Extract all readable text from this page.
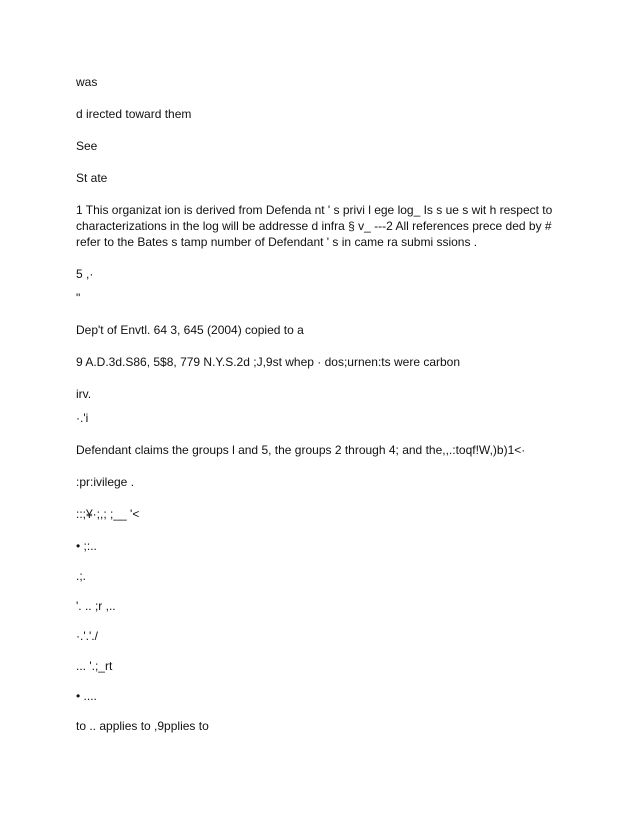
was

d irected toward them

See

St ate

1 This organizat ion is derived from Defenda nt ' s privi l ege log_ Is s ue s wit h respect to characterizations in the log will be addresse d infra § v_ ---2 All references prece ded by # refer to the Bates s tamp number of Defendant ' s in came ra submi ssions .

5 ,·

"

Dep't of Envtl. 64 3, 645 (2004) copied to a

9 A.D.3d.S86, 5$8, 779 N.Y.S.2d ;J,9st whep · dos;urnen:ts were carbon

irv.

·.'i

Defendant claims the groups l and 5, the groups 2 through 4; and the,,.:toqf!W,)b)1<·

:pr:ivilege .

::;¥·;,; ;__ '<

• ;:..

.;.

'. .. ;r ,..

·.'.'./

... '.;_rt

• ....

to .. applies to ,9pplies to
